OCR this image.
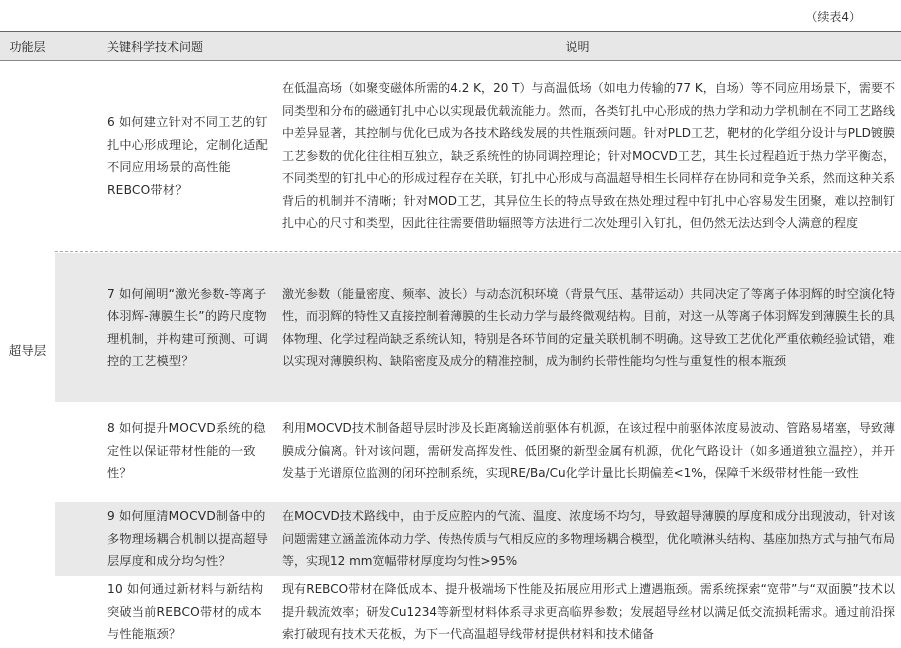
（续表4）
功能层	关键科学技术问题	说明
超导层
6 如何建立针对不同工艺的钉扎中心形成理论，定制化适配不同应用场景的高性能REBCO带材？
在低温高场（如聚变磁体所需的4.2 K，20 T）与高温低场（如电力传输的77 K，自场）等不同应用场景下，需要不同类型和分布的磁通钉扎中心以实现最优载流能力。然而，各类钉扎中心形成的热力学和动力学机制在不同工艺路线中差异显著，其控制与优化已成为各技术路线发展的共性瓶颈问题。针对PLD工艺，靶材的化学组分设计与PLD镀膜工艺参数的优化往往相互独立，缺乏系统性的协同调控理论；针对MOCVD工艺，其生长过程趋近于热力学平衡态，不同类型的钉扎中心的形成过程存在关联，钉扎中心形成与高温超导相生长同样存在协同和竞争关系，然而这种关系背后的机制并不清晰；针对MOD工艺，其异位生长的特点导致在热处理过程中钉扎中心容易发生团聚，难以控制钉扎中心的尺寸和类型，因此往往需要借助辐照等方法进行二次处理引入钉扎，但仍然无法达到令人满意的程度
7 如何阐明“激光参数-等离子体羽辉-薄膜生长”的跨尺度物理机制，并构建可预测、可调控的工艺模型？
激光参数（能量密度、频率、波长）与动态沉积环境（背景气压、基带运动）共同决定了等离子体羽辉的时空演化特性，而羽辉的特性又直接控制着薄膜的生长动力学与最终微观结构。目前，对这一从等离子体羽辉发到薄膜生长的具体物理、化学过程尚缺乏系统认知，特别是各环节间的定量关联机制不明确。这导致工艺优化严重依赖经验试错，难以实现对薄膜织构、缺陷密度及成分的精准控制，成为制约长带性能均匀性与重复性的根本瓶颈
8 如何提升MOCVD系统的稳定性以保证带材性能的一致性？
利用MOCVD技术制备超导层时涉及长距离输送前驱体有机源，在该过程中前驱体浓度易波动、管路易堵塞，导致薄膜成分偏离。针对该问题，需研发高挥发性、低团聚的新型金属有机源，优化气路设计（如多通道独立温控），并开发基于光谱原位监测的闭环控制系统，实现RE/Ba/Cu化学计量比长期偏差<1%，保障千米级带材性能一致性
9 如何厘清MOCVD制备中的多物理场耦合机制以提高超导层厚度和成分均匀性？
在MOCVD技术路线中，由于反应腔内的气流、温度、浓度场不均匀，导致超导薄膜的厚度和成分出现波动，针对该问题需建立涵盖流体动力学、传热传质与气相反应的多物理场耦合模型，优化喷淋头结构、基座加热方式与抽气布局等，实现12 mm宽幅带材厚度均匀性>95%
10 如何通过新材料与新结构突破当前REBCO带材的成本与性能瓶颈？
现有REBCO带材在降低成本、提升极端场下性能及拓展应用形式上遭遇瓶颈。需系统探索“宽带”与“双面膜”技术以提升载流效率；研发Cu1234等新型材料体系寻求更高临界参数；发展超导丝材以满足低交流损耗需求。通过前沿探索打破现有技术天花板，为下一代高温超导线带材提供材料和技术储备
